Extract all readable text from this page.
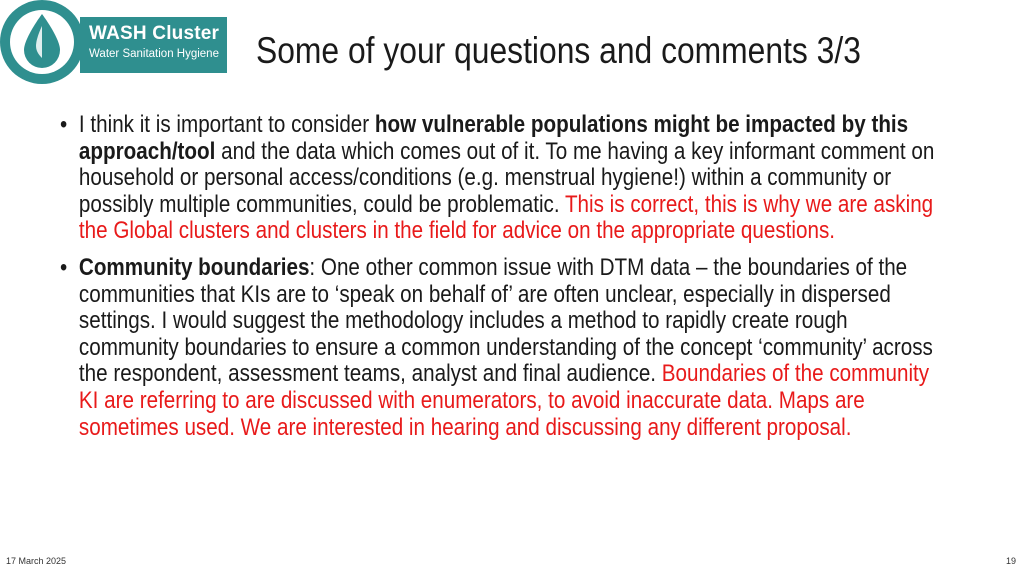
WASH Cluster
Water Sanitation Hygiene Some of your questions and comments 3/3
• I think it is important to consider how vulnerable populations might be impacted by this approach/tool and the data which comes out of it. To me having a key informant comment on household or personal access/conditions (e.g. menstrual hygiene!) within a community or possibly multiple communities, could be problematic. This is correct, this is why we are asking the Global clusters and clusters in the field for advice on the appropriate questions.
• Community boundaries: One other common issue with DTM data – the boundaries of the communities that KIs are to ‘speak on behalf of’ are often unclear, especially in dispersed settings. I would suggest the methodology includes a method to rapidly create rough community boundaries to ensure a common understanding of the concept ‘community’ across the respondent, assessment teams, analyst and final audience. Boundaries of the community KI are referring to are discussed with enumerators, to avoid inaccurate data. Maps are sometimes used. We are interested in hearing and discussing any different proposal.
17 March 2025	19
